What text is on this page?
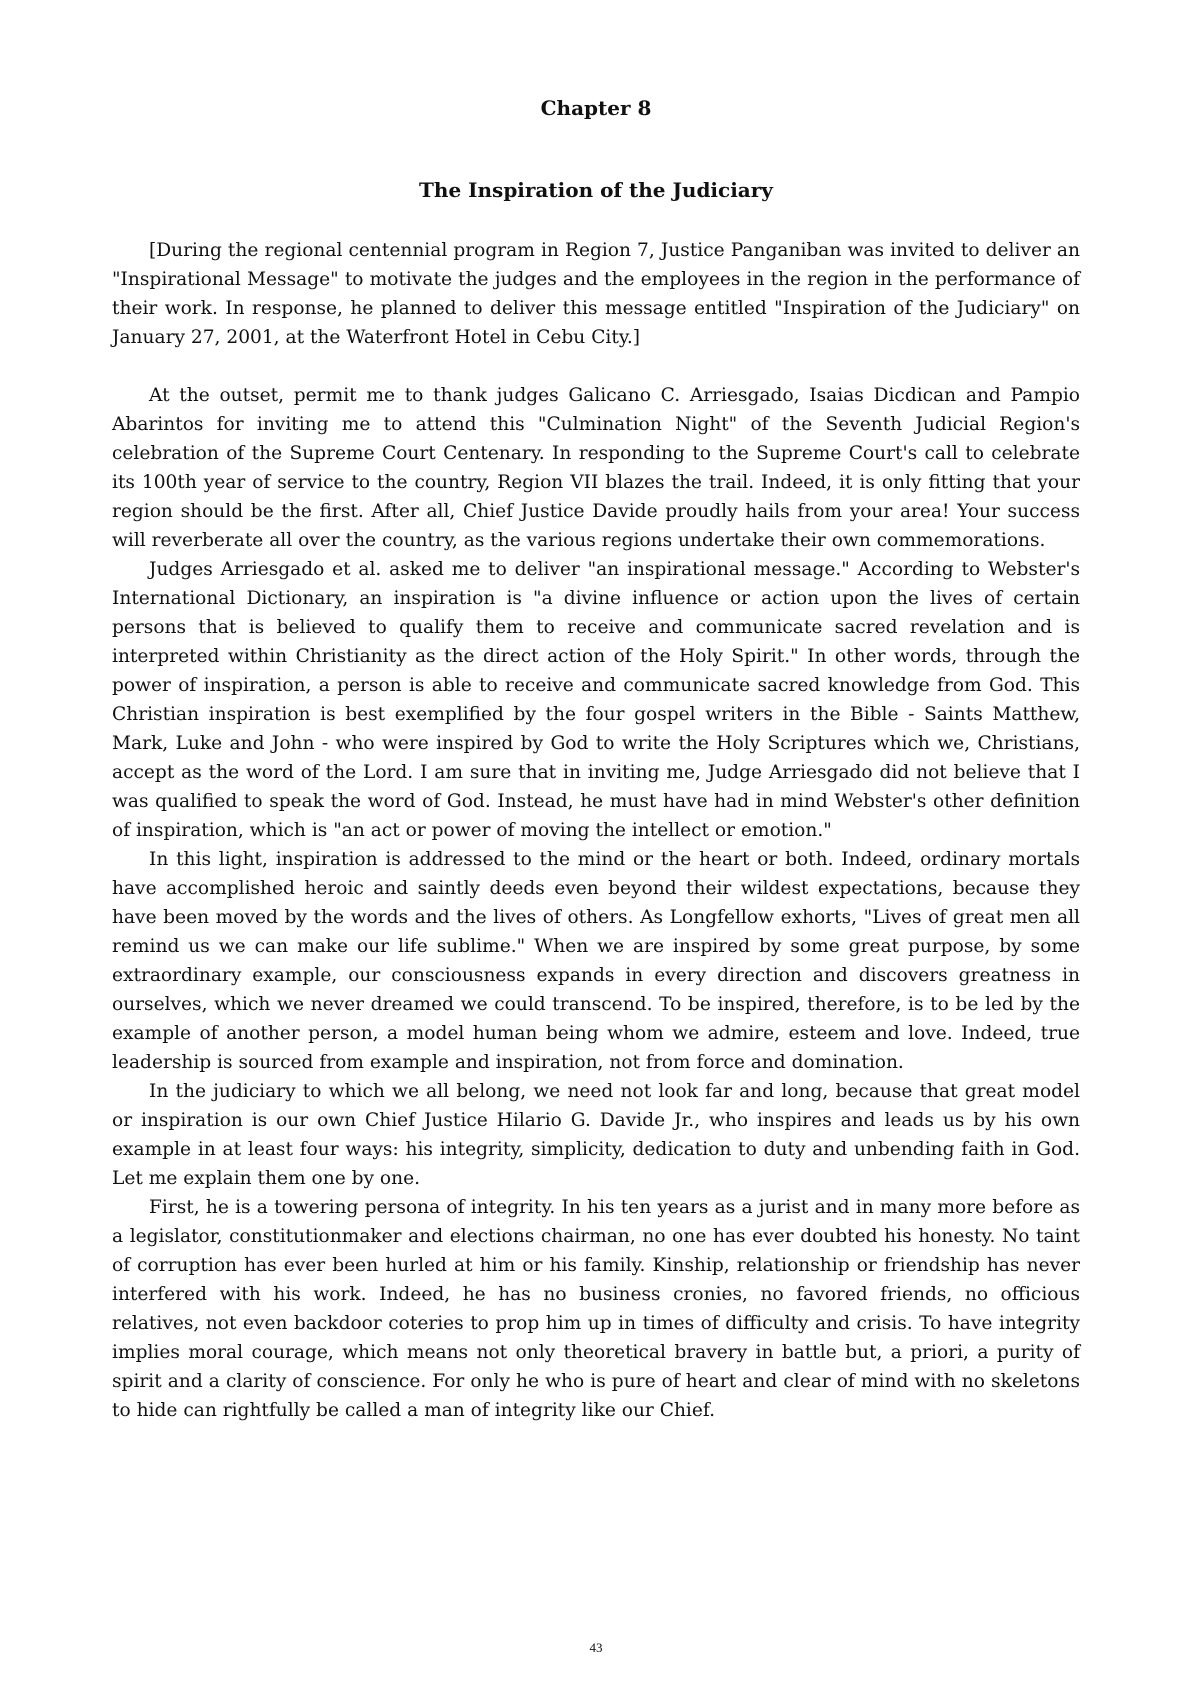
Chapter 8
The Inspiration of the Judiciary

[During the regional centennial program in Region 7, Justice Panganiban was invited to deliver an "Inspirational Message" to motivate the judges and the employees in the region in the performance of their work. In response, he planned to deliver this message entitled "Inspiration of the Judiciary" on January 27, 2001, at the Waterfront Hotel in Cebu City.]

At the outset, permit me to thank judges Galicano C. Arriesgado, Isaias Dicdican and Pampio Abarintos for inviting me to attend this "Culmination Night" of the Seventh Judicial Region's celebration of the Supreme Court Centenary. In responding to the Supreme Court's call to celebrate its 100th year of service to the country, Region VII blazes the trail. Indeed, it is only fitting that your region should be the first. After all, Chief Justice Davide proudly hails from your area! Your success will reverberate all over the country, as the various regions undertake their own commemorations.

Judges Arriesgado et al. asked me to deliver "an inspirational message." According to Webster's International Dictionary, an inspiration is "a divine influence or action upon the lives of certain persons that is believed to qualify them to receive and communicate sacred revelation and is interpreted within Christianity as the direct action of the Holy Spirit." In other words, through the power of inspiration, a person is able to receive and communicate sacred knowledge from God. This Christian inspiration is best exemplified by the four gospel writers in the Bible - Saints Matthew, Mark, Luke and John - who were inspired by God to write the Holy Scriptures which we, Christians, accept as the word of the Lord. I am sure that in inviting me, Judge Arriesgado did not believe that I was qualified to speak the word of God. Instead, he must have had in mind Webster's other definition of inspiration, which is "an act or power of moving the intellect or emotion."

In this light, inspiration is addressed to the mind or the heart or both. Indeed, ordinary mortals have accomplished heroic and saintly deeds even beyond their wildest expectations, because they have been moved by the words and the lives of others. As Longfellow exhorts, "Lives of great men all remind us we can make our life sublime." When we are inspired by some great purpose, by some extraordinary example, our consciousness expands in every direction and discovers greatness in ourselves, which we never dreamed we could transcend. To be inspired, therefore, is to be led by the example of another person, a model human being whom we admire, esteem and love. Indeed, true leadership is sourced from example and inspiration, not from force and domination.

In the judiciary to which we all belong, we need not look far and long, because that great model or inspiration is our own Chief Justice Hilario G. Davide Jr., who inspires and leads us by his own example in at least four ways: his integrity, simplicity, dedication to duty and unbending faith in God. Let me explain them one by one.

First, he is a towering persona of integrity. In his ten years as a jurist and in many more before as a legislator, constitutionmaker and elections chairman, no one has ever doubted his honesty. No taint of corruption has ever been hurled at him or his family. Kinship, relationship or friendship has never interfered with his work. Indeed, he has no business cronies, no favored friends, no officious relatives, not even backdoor coteries to prop him up in times of difficulty and crisis. To have integrity implies moral courage, which means not only theoretical bravery in battle but, a priori, a purity of spirit and a clarity of conscience. For only he who is pure of heart and clear of mind with no skeletons to hide can rightfully be called a man of integrity like our Chief.

43
